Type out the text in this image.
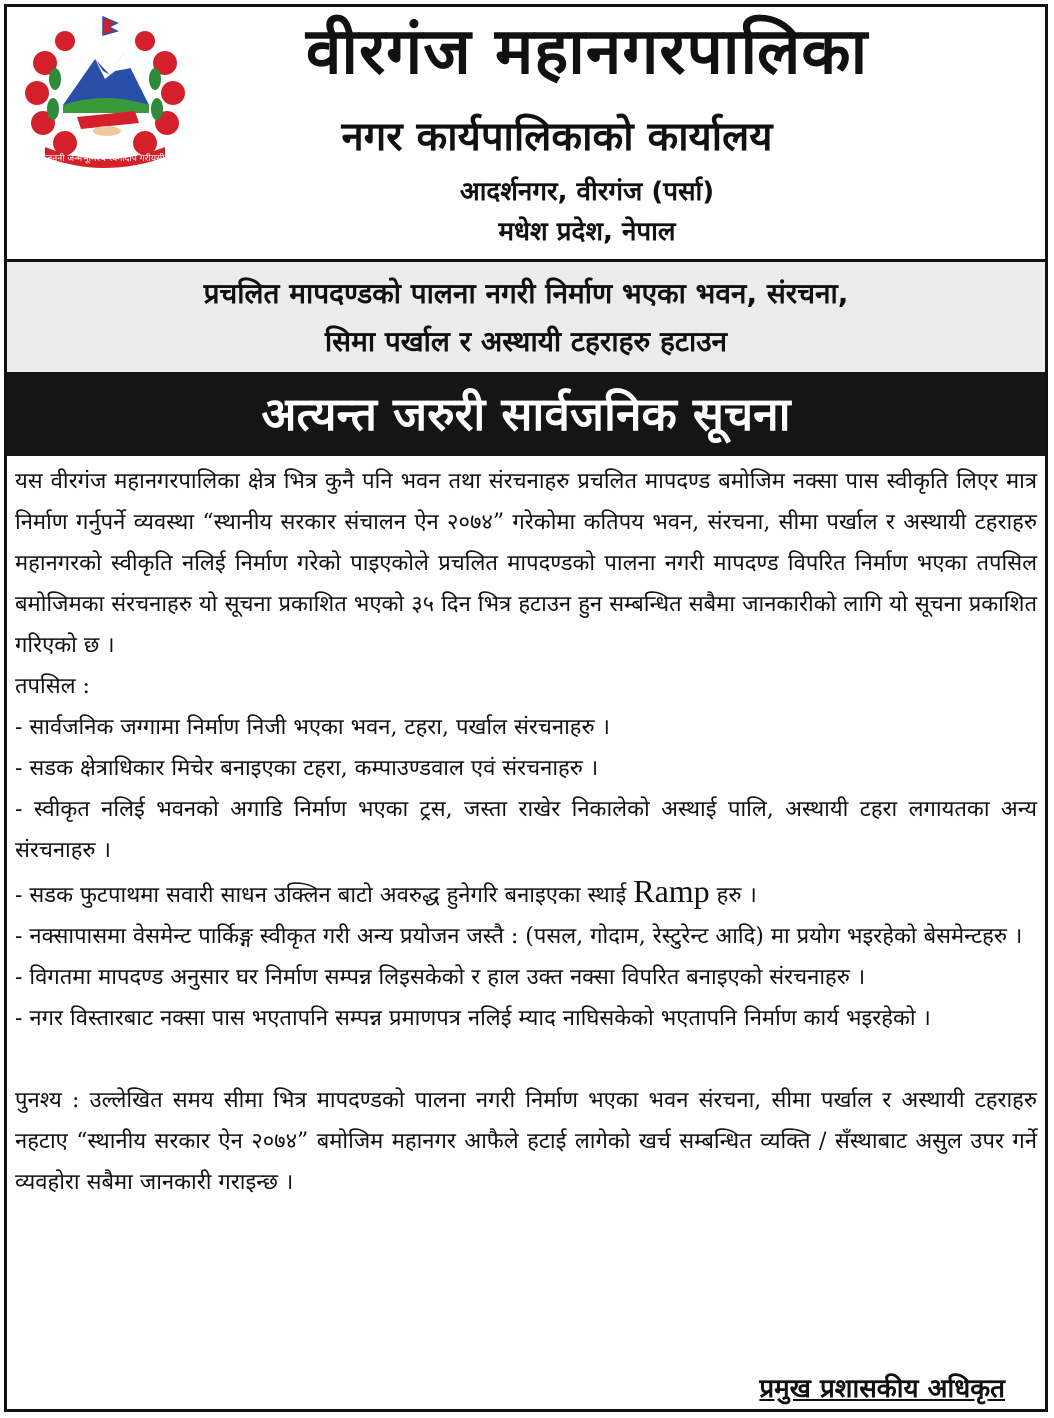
जननी जन्मभूमिश्च स्वर्गादपि गरीयसी
वीरगंज महानगरपालिका
नगर कार्यपालिकाको कार्यालय
आदर्शनगर, वीरगंज (पर्सा)
मधेश प्रदेश, नेपाल
प्रचलित मापदण्डको पालना नगरी निर्माण भएका भवन, संरचना,
सिमा पर्खाल र अस्थायी टहराहरु हटाउन
अत्यन्त जरुरी सार्वजनिक सूचना

यस वीरगंज महानगरपालिका क्षेत्र भित्र कुनै पनि भवन तथा संरचनाहरु प्रचलित मापदण्ड बमोजिम नक्सा पास स्वीकृति लिएर मात्र निर्माण गर्नुपर्ने व्यवस्था “स्थानीय सरकार संचालन ऐन २०७४” गरेकोमा कतिपय भवन, संरचना, सीमा पर्खाल र अस्थायी टहराहरु महानगरको स्वीकृति नलिई निर्माण गरेको पाइएकोले प्रचलित मापदण्डको पालना नगरी मापदण्ड विपरित निर्माण भएका तपसिल बमोजिमका संरचनाहरु यो सूचना प्रकाशित भएको ३५ दिन भित्र हटाउन हुन सम्बन्धित सबैमा जानकारीको लागि यो सूचना प्रकाशित गरिएको छ ।

तपसिल :

- सार्वजनिक जग्गामा निर्माण निजी भएका भवन, टहरा, पर्खाल संरचनाहरु ।

- सडक क्षेत्राधिकार मिचेर बनाइएका टहरा, कम्पाउण्डवाल एवं संरचनाहरु ।

- स्वीकृत नलिई भवनको अगाडि निर्माण भएका ट्रस, जस्ता राखेर निकालेको अस्थाई पालि, अस्थायी टहरा लगायतका अन्य संरचनाहरु ।

- सडक फुटपाथमा सवारी साधन उक्लिन बाटो अवरुद्ध हुनेगरि बनाइएका स्थाई Ramp हरु ।

- नक्सापासमा वेसमेन्ट पार्किङ्ग स्वीकृत गरी अन्य प्रयोजन जस्तै : (पसल, गोदाम, रेस्टुरेन्ट आदि) मा प्रयोग भइरहेको बेसमेन्टहरु ।

- विगतमा मापदण्ड अनुसार घर निर्माण सम्पन्न लिइसकेको र हाल उक्त नक्सा विपरित बनाइएको संरचनाहरु ।

- नगर विस्तारबाट नक्सा पास भएतापनि सम्पन्न प्रमाणपत्र नलिई म्याद नाघिसकेको भएतापनि निर्माण कार्य भइरहेको ।

पुनश्य : उल्लेखित समय सीमा भित्र मापदण्डको पालना नगरी निर्माण भएका भवन संरचना, सीमा पर्खाल र अस्थायी टहराहरु नहटाए “स्थानीय सरकार ऐन २०७४” बमोजिम महानगर आफैले हटाई लागेको खर्च सम्बन्धित व्यक्ति / सँस्थाबाट असुल उपर गर्ने व्यवहोरा सबैमा जानकारी गराइन्छ ।

प्रमुख प्रशासकीय अधिकृत
